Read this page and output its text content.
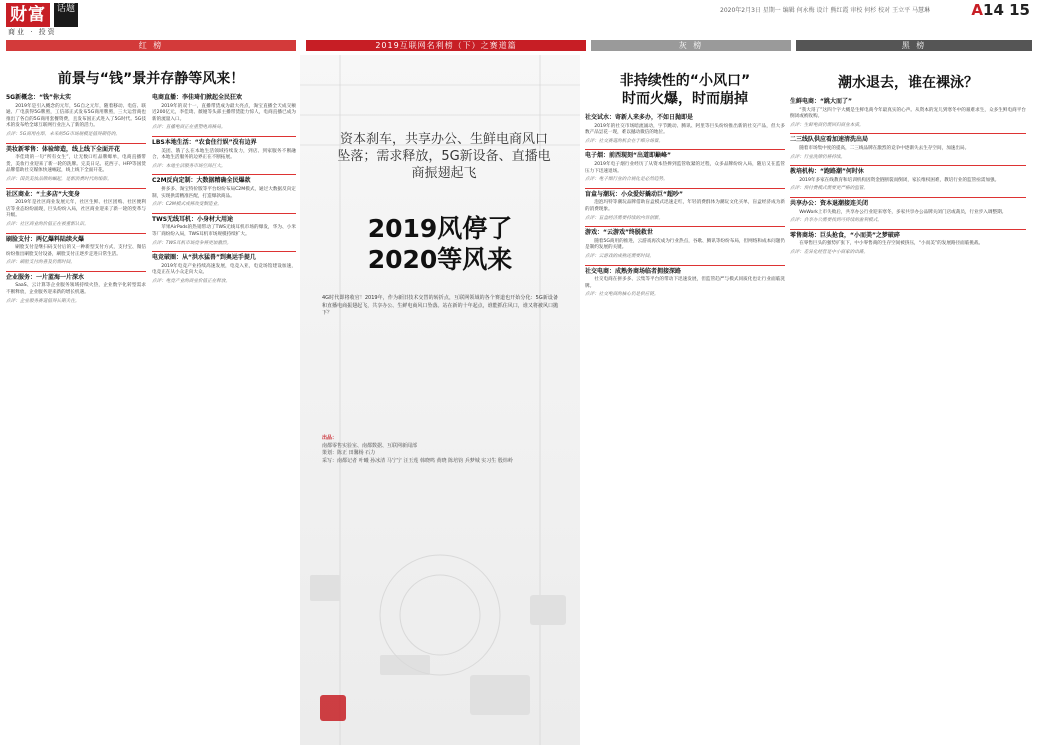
财富	话题
商业 · 投资
2020年2月3日 星期一 编辑 何永梅 设计 熊红霞 审校 何杉 校对 王立平 马慧琳	A14 15
红 榜	2019互联网名利榜（下）之赛道篇	灰 榜	黑 榜
前景与“钱”景并存静等风来！
5G新概念：“钱”你太实
2019年是引入概念的元年，5G自之元年，随着移动、电信、联通、广电获得5G牌照，工信部正式发布5G商用牌照，三大运营商也推出了各自的5G商用套餐资费，且发布国正式进入了5G时代。5G技术的发布给全球互联网行业注入了新的活力。
点评：5G商用在即，未来的5G市场规模是值得期待的。
美妆新零售：体验缔造，线上线下全面开花
李佳琦的一句“所有女生”，让无数口红品牌爆单，电商直播带货，美妆行业迎来了新一轮的洗牌。完美日记、花西子、HFP等国货品牌借助社交媒体快速崛起，线上线下全面开花。
点评：国货美妆品牌的崛起，是新消费时代的缩影。
社区商业：“土多店”大变身
2019年是社区商业发展元年，社区生鲜、社区团购、社区便利店等业态纷纷涌现，巨头纷纷入局，社区商业迎来了新一轮的变革与升级。
点评：社区商业的价值正在被重新认识。
刷脸支付：两亿爆料陆续火爆
刷脸支付是继扫码支付后的又一种新型支付方式，支付宝、微信纷纷推出刷脸支付设备，刷脸支付正逐步走进日常生活。
点评：刷脸支付的普及仍需时间。
企业服务：一片蓝海一片深水
SaaS、云计算等企业服务领域持续火热，企业数字化转型需求不断释放，企业服务迎来新的增长机遇。
点评：企业服务赛道值得长期关注。
电商直播：李佳琦们掀起全民狂欢
2019年的双十一，直播带货成为最大亮点，淘宝直播全天成交额近200亿元，李佳琦、薇娅等头部主播带货能力惊人，电商直播已成为新的流量入口。
点评：直播电商正在重塑电商格局。
LBS本地生活：“农食住行娱”没有边界
美团、饿了么在本地生活领域持续发力，到店、到家服务不断融合，本地生活服务的边界正在不断拓展。
点评：本地生活服务市场空间巨大。
C2M反向定制：大数据精确全民爆款
拼多多、淘宝特价版等平台纷纷布局C2M模式，通过大数据反向定制，实现供需精准匹配，打造爆款商品。
点评：C2M模式或将改变制造业。
TWS无线耳机：小身材大用途
苹果AirPods的热销带动了TWS无线耳机市场的爆发，华为、小米等厂商纷纷入局，TWS耳机市场规模持续扩大。
点评：TWS耳机市场竞争将更加激烈。
电竞破圈：从“洪水猛兽”到奥运手提几
2019年电竞产业持续高速发展，电竞入亚，电竞场馆建设加速，电竞正在从小众走向大众。
点评：电竞产业的商业价值正在释放。
资本刹车，共享办公、生鲜电商风口坠落；需求释放，5G新设备、直播电商振翅起飞
2019风停了
2020等风来
4G时代即将收官！2019年，作为新旧技术交替的转折点，互联网领域的各个赛道也开始分化：5G新设备和直播电商振翅起飞，共享办公、生鲜电商风口坠落。站在新的十年起点，谁能抓住风口，谁又将被风口抛下？
出品：
南都零售实验室、南都数据、互联网新闻部
策划：陈正 田馨杨 石力
采写：南都记者 叶曦 孙冰清 马宁宁 汪玉莲 韩晓鸣 黄晓 陈培钧 兵梦城 实习生 殷炜岭
非持续性的“小风口”
时而火爆，时而崩掉
社交试水：寄新人来多办，不如日抛即是
2019年的社交市场暗流涌动，字节跳动、腾讯、阿里等巨头纷纷推出新的社交产品，但大多数产品昙花一现，难以撼动微信的地位。
点评：社交赛道的机会在于细分场景。
电子烟：前西现刻“出道即巅峰”
2019年电子烟行业经历了从资本热捧到监管收紧的过程，众多品牌纷纷入局，随后又在监管压力下迅速退场。
点评：电子烟行业的合规化是必然趋势。
盲盒与潮玩：小众爱好撬动巨“超吵”
泡泡玛特等潮玩品牌借助盲盒模式迅速走红，年轻消费群体为潮玩文化买单，盲盒经济成为新的消费现象。
点评：盲盒经济需要持续的内容创新。
游戏：“云游戏”终脱救世
随着5G商用的推进，云游戏再次成为行业热点，谷歌、腾讯等纷纷布局，但网络和成本问题仍是制约发展的关键。
点评：云游戏的成熟还需要时间。
社交电商：成熟务商场临者拥接深路
社交电商在拼多多、云集等平台的带动下迅速发展，但监管趋严与模式同质化也让行业面临洗牌。
点评：社交电商的核心仍是供应链。
潮水退去，谁在裸泳？
生鲜电商：“跳大而了”
“我大哥了”这四个字大概是生鲜电商今年最真实的心声。从资本的宠儿到寒冬中的艰难求生，众多生鲜电商平台倒闭或被收购。
点评：生鲜电商仍需回归商业本质。
二三线队供应看加速清洗出局
随着市场集中度的提高，二三线品牌在激烈的竞争中逐渐失去生存空间，加速出局。
点评：行业洗牌仍将持续。
教培机构：“跑路潮”何时休
2019年多家在线教育和培训机构因资金链断裂而倒闭，家长维权困难，教培行业的监管亟需加强。
点评：预付费模式需要更严格的监管。
共享办公：资本退潮接连关闭
WeWork上市失败后，共享办公行业迎来寒冬，多家共享办公品牌关闭门店或裁员，行业步入调整期。
点评：共享办公需要找到可持续的盈利模式。
零售商场：巨头抢食，“小而美”之梦破碎
在零售巨头的强势扩张下，中小零售商的生存空间被挤压，“小而美”的发展路径面临挑战。
点评：差异化经营是中小商家的出路。
